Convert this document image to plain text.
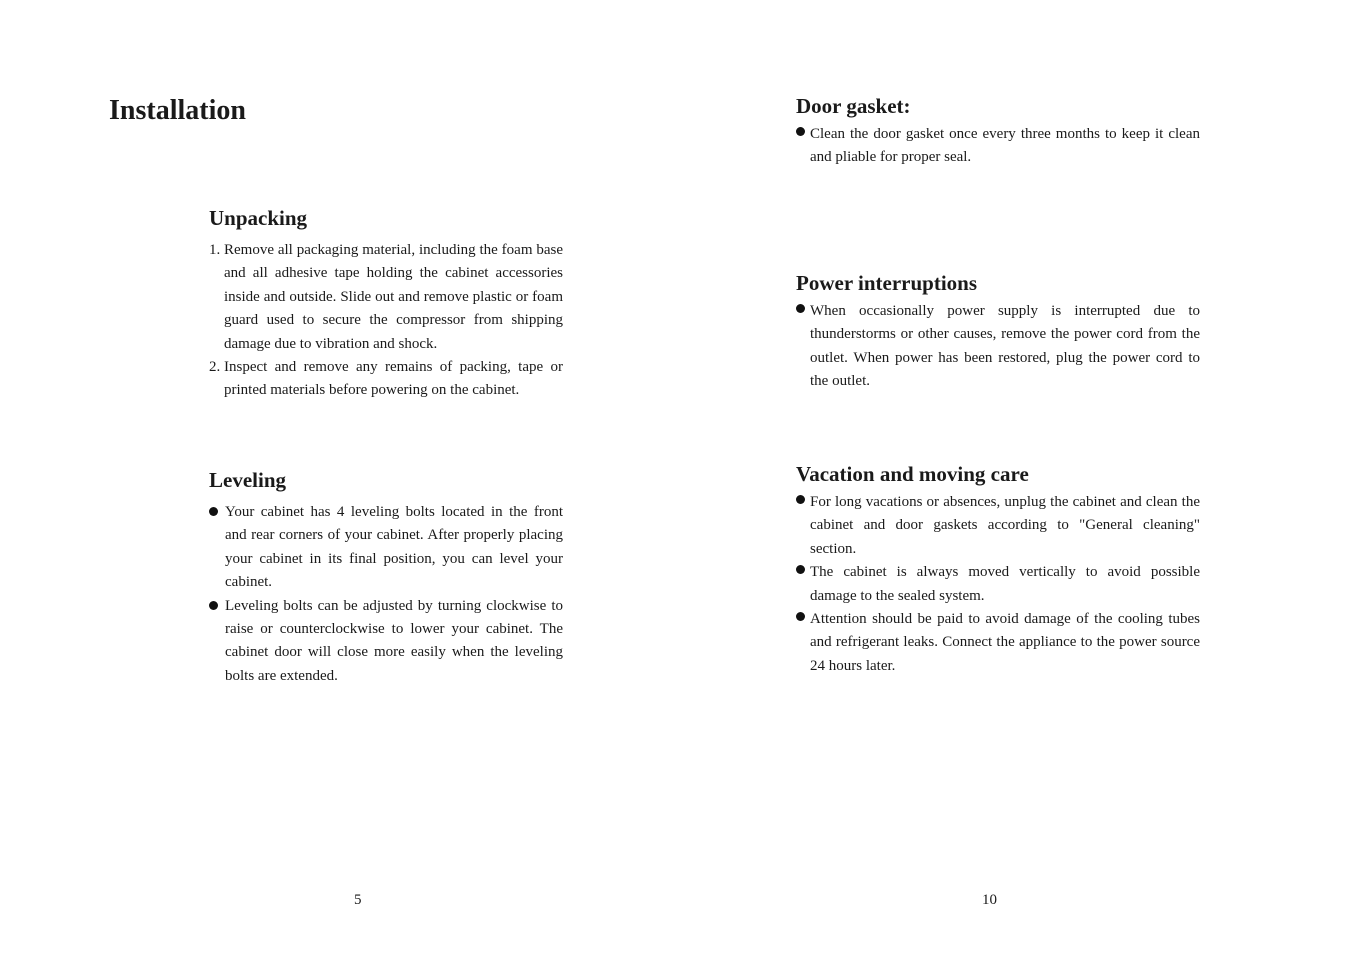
Installation
Unpacking
1. Remove all packaging material, including the foam base and all adhesive tape holding the cabinet accessories inside and outside. Slide out and remove plastic or foam guard used to secure the compressor from shipping damage due to vibration and shock.
2. Inspect and remove any remains of packing, tape or printed materials before powering on the cabinet.
Leveling
Your cabinet has 4 leveling bolts located in the front and rear corners of your cabinet. After properly placing your cabinet in its final position, you can level your cabinet.
Leveling bolts can be adjusted by turning clockwise to raise or counterclockwise to lower your cabinet. The cabinet door will close more easily when the leveling bolts are extended.
5
Door gasket:
Clean the door gasket once every three months to keep it clean and pliable for proper seal.
Power interruptions
When occasionally power supply is interrupted due to thunderstorms or other causes, remove the power cord from the outlet. When power has been restored, plug the power cord to the outlet.
Vacation and moving care
For long vacations or absences, unplug the cabinet and clean the cabinet and door gaskets according to "General cleaning" section.
The cabinet is always moved vertically to avoid possible damage to the sealed system.
Attention should be paid to avoid damage of the cooling tubes and refrigerant leaks. Connect the appliance to the power source 24 hours later.
10
